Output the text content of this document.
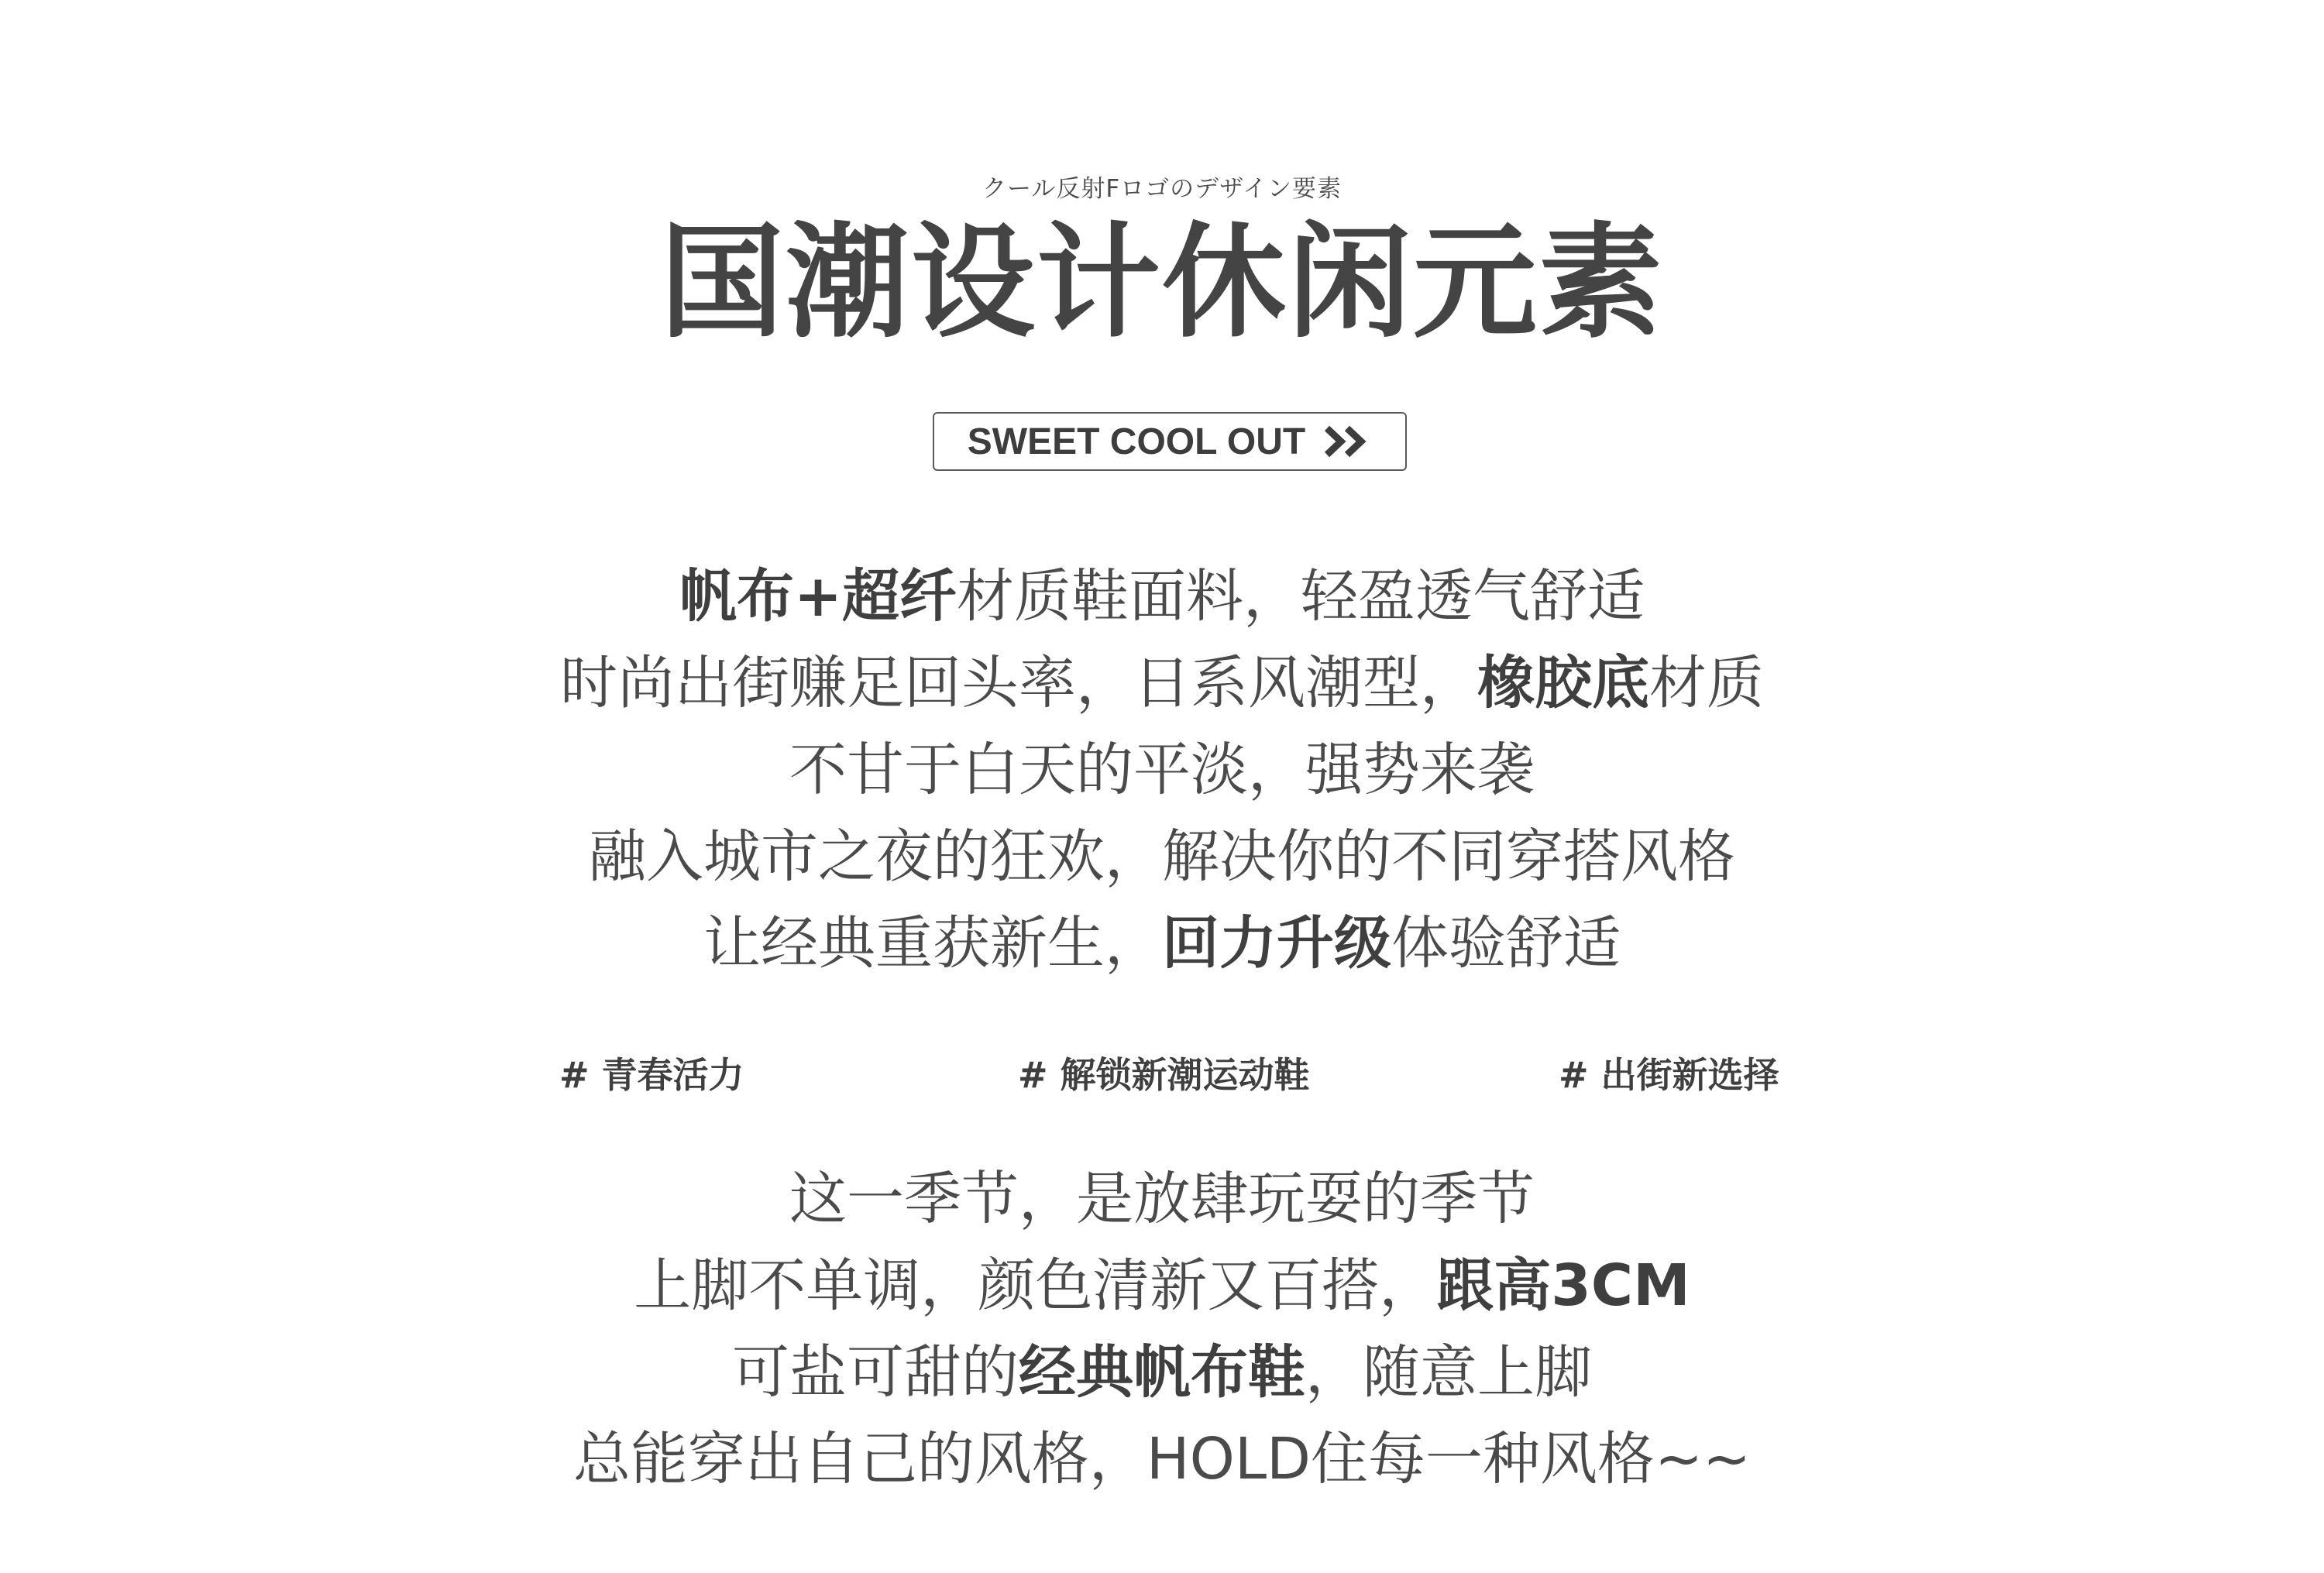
クール反射Fロゴのデザイン要素
国潮设计休闲元素
SWEET COOL OUT
帆布+超纤材质鞋面料，轻盈透气舒适
时尚出街赚足回头率，日系风潮型，橡胶底材质
不甘于白天的平淡，强势来袭
融入城市之夜的狂欢，解决你的不同穿搭风格
让经典重获新生，回力升级体验舒适
# 青春活力	# 解锁新潮运动鞋	# 出街新选择
这一季节，是放肆玩耍的季节
上脚不单调，颜色清新又百搭，跟高3CM
可盐可甜的经典帆布鞋，随意上脚
总能穿出自己的风格，HOLD住每一种风格~~
